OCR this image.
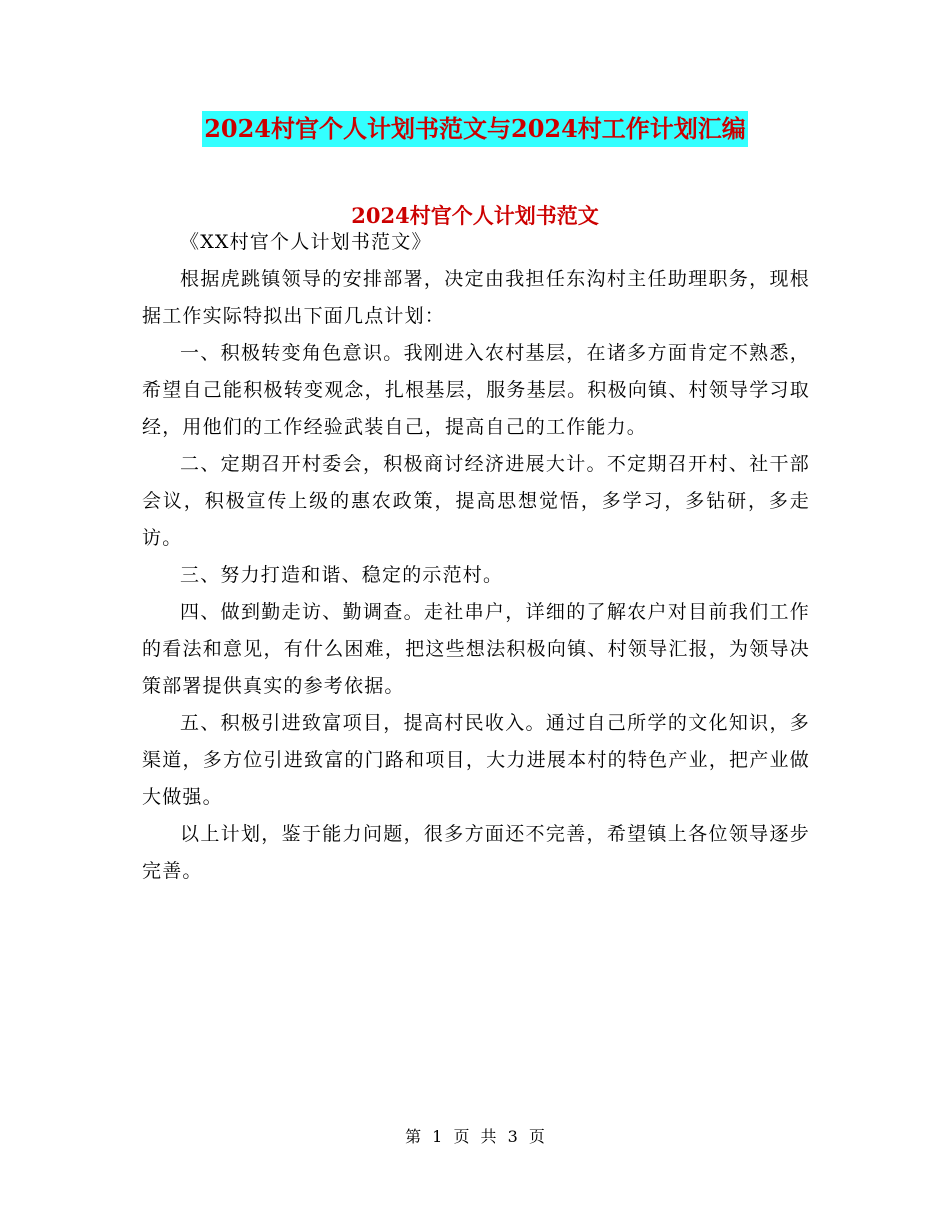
2024村官个人计划书范文与2024村工作计划汇编
2024村官个人计划书范文

《XX村官个人计划书范文》

根据虎跳镇领导的安排部署，决定由我担任东沟村主任助理职务，现根据工作实际特拟出下面几点计划：

一、积极转变角色意识。我刚进入农村基层，在诸多方面肯定不熟悉，希望自己能积极转变观念，扎根基层，服务基层。积极向镇、村领导学习取经，用他们的工作经验武装自己，提高自己的工作能力。

二、定期召开村委会，积极商讨经济进展大计。不定期召开村、社干部会议，积极宣传上级的惠农政策，提高思想觉悟，多学习，多钻研，多走访。

三、努力打造和谐、稳定的示范村。

四、做到勤走访、勤调查。走社串户，详细的了解农户对目前我们工作的看法和意见，有什么困难，把这些想法积极向镇、村领导汇报，为领导决策部署提供真实的参考依据。

五、积极引进致富项目，提高村民收入。通过自己所学的文化知识，多渠道，多方位引进致富的门路和项目，大力进展本村的特色产业，把产业做大做强。

以上计划，鉴于能力问题，很多方面还不完善，希望镇上各位领导逐步完善。

第 1 页 共 3 页
